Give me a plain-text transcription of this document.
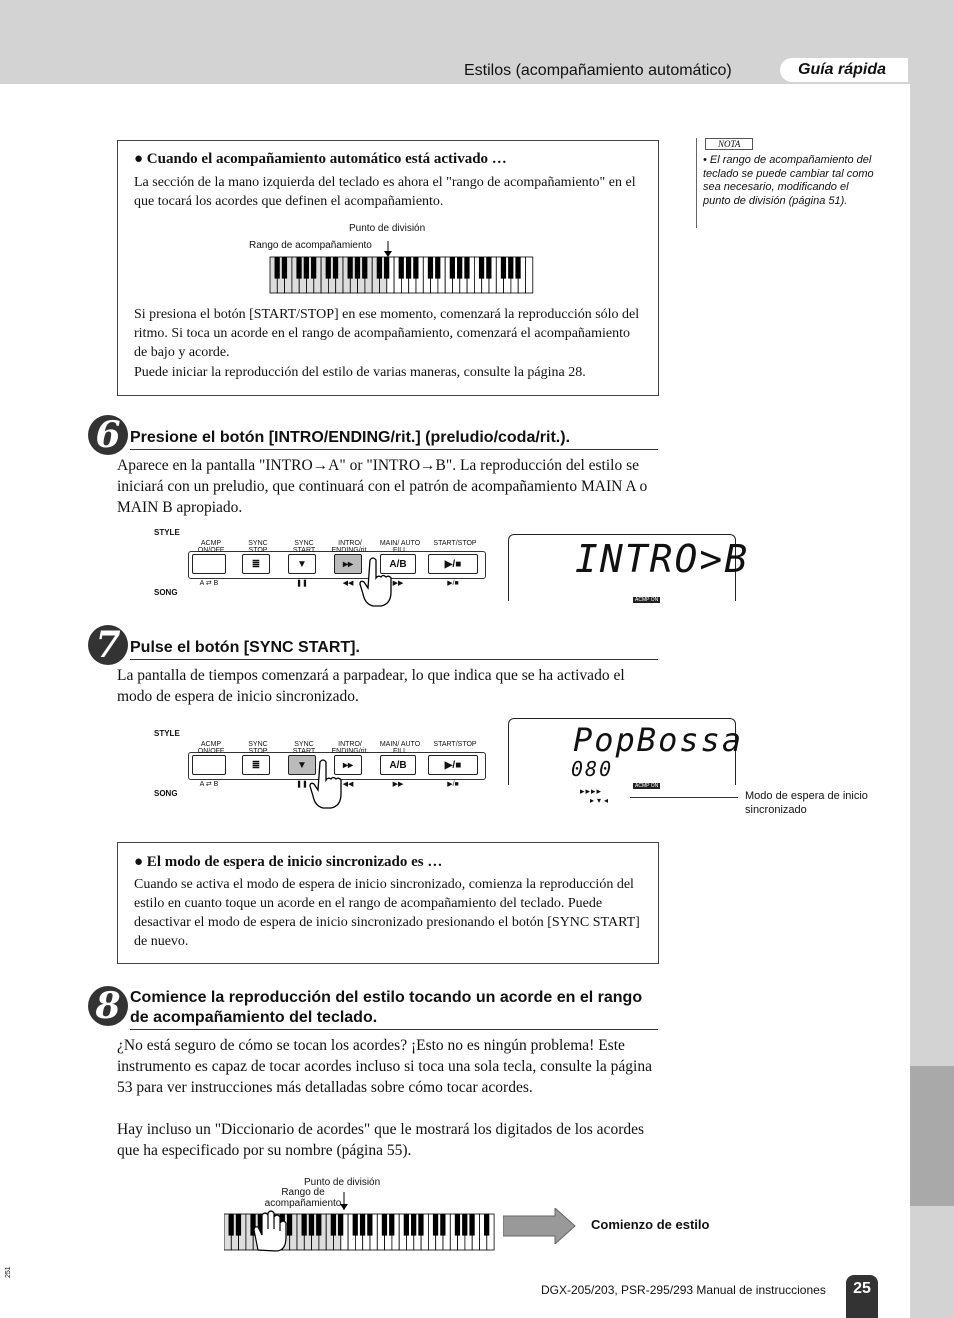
Estilos (acompañamiento automático)	Guía rápida
● Cuando el acompañamiento automático está activado …
La sección de la mano izquierda del teclado es ahora el "rango de acompañamiento" en el que tocará los acordes que definen el acompañamiento.
Punto de división
Rango de acompañamiento
Si presiona el botón [START/STOP] en ese momento, comenzará la reproducción sólo del ritmo. Si toca un acorde en el rango de acompañamiento, comenzará el acompañamiento de bajo y acorde.
Puede iniciar la reproducción del estilo de varias maneras, consulte la página 28.
NOTA
• El rango de acompañamiento del teclado se puede cambiar tal como sea necesario, modificando el punto de división (página 51).
6 Presione el botón [INTRO/ENDING/rit.] (preludio/coda/rit.).
Aparece en la pantalla "INTRO→A" or "INTRO→B". La reproducción del estilo se iniciará con un preludio, que continuará con el patrón de acompañamiento MAIN A o MAIN B apropiado.
STYLE
SONG
ACMP ON/OFF
A ⇄ B
SYNC STOP
≣
SYNC START
▼
❚❚
INTRO/ ENDING/rit.
▸▸
◀◀
MAIN/ AUTO FILL
A/B
▶▶
START/STOP
▶/■
▶/■
INTRO>B
ACMP ON
7 Pulse el botón [SYNC START].
La pantalla de tiempos comenzará a parpadear, lo que indica que se ha activado el modo de espera de inicio sincronizado.
STYLE
SONG
ACMP ON/OFF
A ⇄ B
SYNC STOP
≣
SYNC START
▼
❚❚
INTRO/ ENDING/rit.
▸▸
◀◀
MAIN/ AUTO FILL
A/B
▶▶
START/STOP
▶/■
▶/■
PopBossa
080
ACMP ON
▸▸▸▸
▸▾◂	Modo de espera de inicio sincronizado
● El modo de espera de inicio sincronizado es …
Cuando se activa el modo de espera de inicio sincronizado, comienza la reproducción del estilo en cuanto toque un acorde en el rango de acompañamiento del teclado. Puede desactivar el modo de espera de inicio sincronizado presionando el botón [SYNC START] de nuevo.
8 Comience la reproducción del estilo tocando un acorde en el rango de acompañamiento del teclado.
¿No está seguro de cómo se tocan los acordes? ¡Esto no es ningún problema! Este instrumento es capaz de tocar acordes incluso si toca una sola tecla, consulte la página 53 para ver instrucciones más detalladas sobre cómo tocar acordes.
Hay incluso un "Diccionario de acordes" que le mostrará los digitados de los acordes que ha especificado por su nombre (página 55).
Punto de división
Rango de acompañamiento
Comienzo de estilo
251
DGX-205/203, PSR-295/293 Manual de instrucciones	25
